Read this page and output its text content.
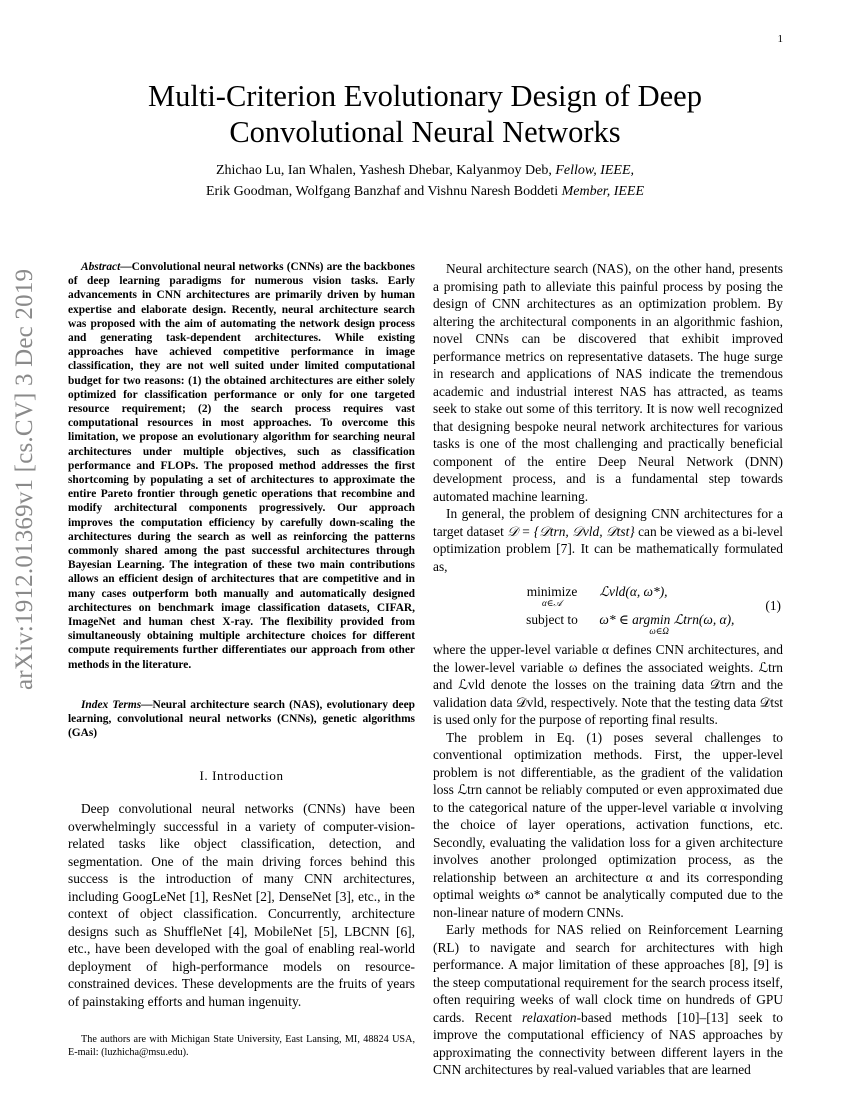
1
arXiv:1912.01369v1 [cs.CV] 3 Dec 2019
Multi-Criterion Evolutionary Design of Deep Convolutional Neural Networks
Zhichao Lu, Ian Whalen, Yashesh Dhebar, Kalyanmoy Deb, Fellow, IEEE,
Erik Goodman, Wolfgang Banzhaf and Vishnu Naresh Boddeti Member, IEEE

Abstract—Convolutional neural networks (CNNs) are the backbones of deep learning paradigms for numerous vision tasks. Early advancements in CNN architectures are primarily driven by human expertise and elaborate design. Recently, neural architecture search was proposed with the aim of automating the network design process and generating task-dependent architectures. While existing approaches have achieved competitive performance in image classification, they are not well suited under limited computational budget for two reasons: (1) the obtained architectures are either solely optimized for classification performance or only for one targeted resource requirement; (2) the search process requires vast computational resources in most approaches. To overcome this limitation, we propose an evolutionary algorithm for searching neural architectures under multiple objectives, such as classification performance and FLOPs. The proposed method addresses the first shortcoming by populating a set of architectures to approximate the entire Pareto frontier through genetic operations that recombine and modify architectural components progressively. Our approach improves the computation efficiency by carefully down-scaling the architectures during the search as well as reinforcing the patterns commonly shared among the past successful architectures through Bayesian Learning. The integration of these two main contributions allows an efficient design of architectures that are competitive and in many cases outperform both manually and automatically designed architectures on benchmark image classification datasets, CIFAR, ImageNet and human chest X-ray. The flexibility provided from simultaneously obtaining multiple architecture choices for different compute requirements further differentiates our approach from other methods in the literature.

Index Terms—Neural architecture search (NAS), evolutionary deep learning, convolutional neural networks (CNNs), genetic algorithms (GAs)

I. Introduction

Deep convolutional neural networks (CNNs) have been overwhelmingly successful in a variety of computer-vision-related tasks like object classification, detection, and segmentation. One of the main driving forces behind this success is the introduction of many CNN architectures, including GoogLeNet [1], ResNet [2], DenseNet [3], etc., in the context of object classification. Concurrently, architecture designs such as ShuffleNet [4], MobileNet [5], LBCNN [6], etc., have been developed with the goal of enabling real-world deployment of high-performance models on resource-constrained devices. These developments are the fruits of years of painstaking efforts and human ingenuity.

The authors are with Michigan State University, East Lansing, MI, 48824 USA, E-mail: (luzhicha@msu.edu).

Neural architecture search (NAS), on the other hand, presents a promising path to alleviate this painful process by posing the design of CNN architectures as an optimization problem. By altering the architectural components in an algorithmic fashion, novel CNNs can be discovered that exhibit improved performance metrics on representative datasets. The huge surge in research and applications of NAS indicate the tremendous academic and industrial interest NAS has attracted, as teams seek to stake out some of this territory. It is now well recognized that designing bespoke neural network architectures for various tasks is one of the most challenging and practically beneficial component of the entire Deep Neural Network (DNN) development process, and is a fundamental step towards automated machine learning.

In general, the problem of designing CNN architectures for a target dataset 𝒟 = {𝒟trn, 𝒟vld, 𝒟tst} can be viewed as a bi-level optimization problem [7]. It can be mathematically formulated as,

minimize
α∈𝒜
ℒvld(α, ω*),
subject to ω* ∈ argmin ℒtrn(ω, α),
ω∈Ω
(1)

where the upper-level variable α defines CNN architectures, and the lower-level variable ω defines the associated weights. ℒtrn and ℒvld denote the losses on the training data 𝒟trn and the validation data 𝒟vld, respectively. Note that the testing data 𝒟tst is used only for the purpose of reporting final results.

The problem in Eq. (1) poses several challenges to conventional optimization methods. First, the upper-level problem is not differentiable, as the gradient of the validation loss ℒtrn cannot be reliably computed or even approximated due to the categorical nature of the upper-level variable α involving the choice of layer operations, activation functions, etc. Secondly, evaluating the validation loss for a given architecture involves another prolonged optimization process, as the relationship between an architecture α and its corresponding optimal weights ω* cannot be analytically computed due to the non-linear nature of modern CNNs.

Early methods for NAS relied on Reinforcement Learning (RL) to navigate and search for architectures with high performance. A major limitation of these approaches [8], [9] is the steep computational requirement for the search process itself, often requiring weeks of wall clock time on hundreds of GPU cards. Recent relaxation-based methods [10]–[13] seek to improve the computational efficiency of NAS approaches by approximating the connectivity between different layers in the CNN architectures by real-valued variables that are learned
